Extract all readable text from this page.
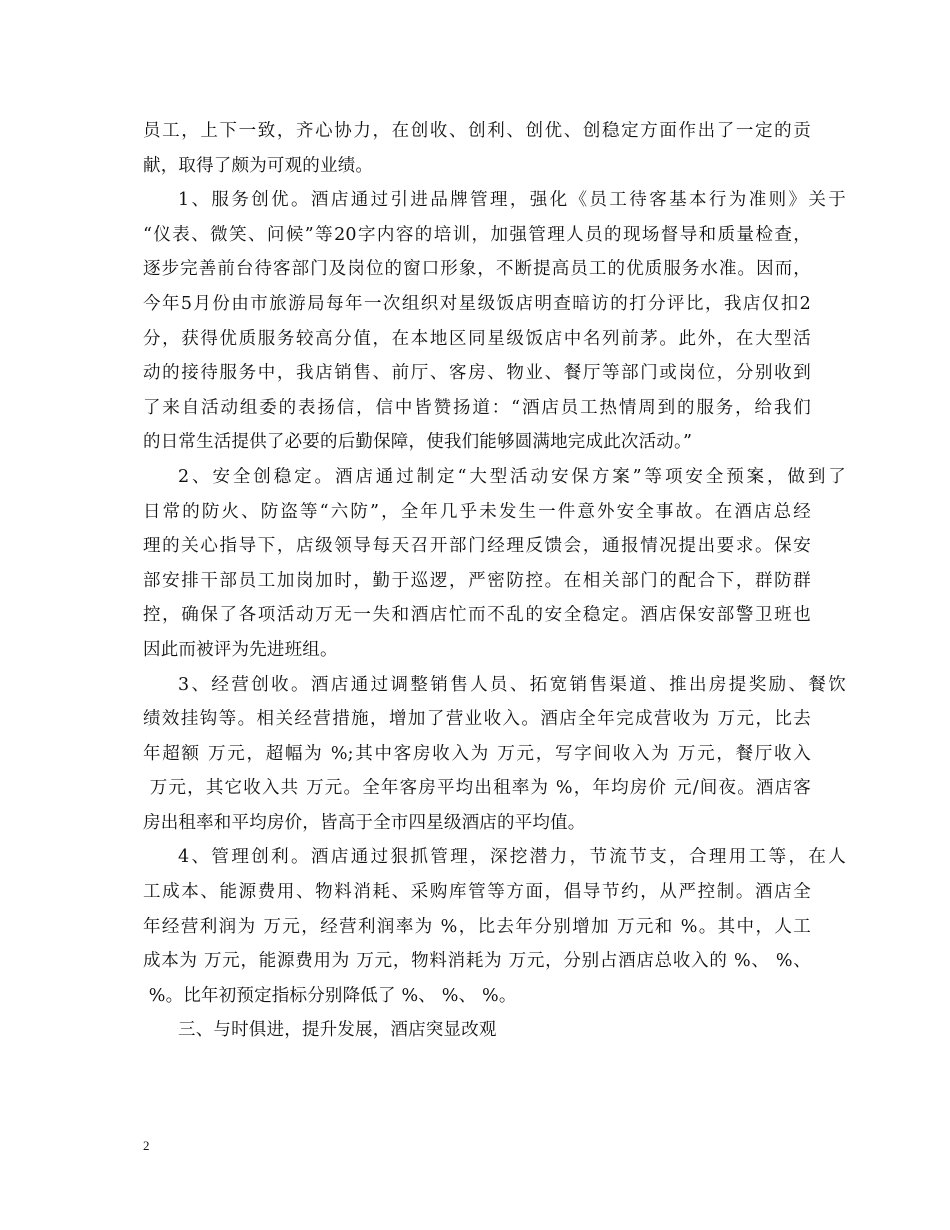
员工，上下一致，齐心协力，在创收、创利、创优、创稳定方面作出了一定的贡
献，取得了颇为可观的业绩。
1、服务创优。酒店通过引进品牌管理，强化《员工待客基本行为准则》关于
“仪表、微笑、问候”等20字内容的培训，加强管理人员的现场督导和质量检查，
逐步完善前台待客部门及岗位的窗口形象，不断提高员工的优质服务水准。因而，
今年5月份由市旅游局每年一次组织对星级饭店明查暗访的打分评比，我店仅扣2
分，获得优质服务较高分值，在本地区同星级饭店中名列前茅。此外，在大型活
动的接待服务中，我店销售、前厅、客房、物业、餐厅等部门或岗位，分别收到
了来自活动组委的表扬信，信中皆赞扬道：“酒店员工热情周到的服务，给我们
的日常生活提供了必要的后勤保障，使我们能够圆满地完成此次活动。”
2、安全创稳定。酒店通过制定“大型活动安保方案”等项安全预案，做到了
日常的防火、防盗等“六防”，全年几乎未发生一件意外安全事故。在酒店总经
理的关心指导下，店级领导每天召开部门经理反馈会，通报情况提出要求。保安
部安排干部员工加岗加时，勤于巡逻，严密防控。在相关部门的配合下，群防群
控，确保了各项活动万无一失和酒店忙而不乱的安全稳定。酒店保安部警卫班也
因此而被评为先进班组。
3、经营创收。酒店通过调整销售人员、拓宽销售渠道、推出房提奖励、餐饮
绩效挂钩等。相关经营措施，增加了营业收入。酒店全年完成营收为 万元，比去
年超额 万元，超幅为 %;其中客房收入为 万元，写字间收入为 万元，餐厅收入
万元，其它收入共 万元。全年客房平均出租率为 %，年均房价 元/间夜。酒店客
房出租率和平均房价，皆高于全市四星级酒店的平均值。
4、管理创利。酒店通过狠抓管理，深挖潜力，节流节支，合理用工等，在人
工成本、能源费用、物料消耗、采购库管等方面，倡导节约，从严控制。酒店全
年经营利润为 万元，经营利润率为 %，比去年分别增加 万元和 %。其中，人工
成本为 万元，能源费用为 万元，物料消耗为 万元，分别占酒店总收入的 %、 %、
%。比年初预定指标分别降低了 %、 %、 %。
三、与时俱进，提升发展，酒店突显改观
2
